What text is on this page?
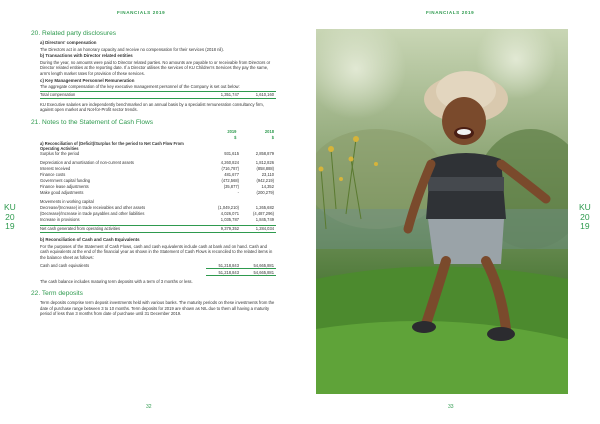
FINANCIALS 2019	FINANCIALS 2019
KU
20
19
KU
20
19
20. Related party disclosures
a) Directors' compensation
The Directors act in an honorary capacity and receive no compensation for their services (2018 nil).
b) Transactions with Director related entities
During the year, no amounts were paid to Director related parties. No amounts are payable to or receivable from Directors or Director related entities at the reporting date. If a Director utilises the services of KU Children's Services they pay the same, arm's length market rates for provision of these services.
c) Key Management Personnel Remuneration
The aggregate compensation of the key executive management personnel of the Company is set out below:
Total compensation	1,351,747	1,610,160
KU Executive salaries are independently benchmarked on an annual basis by a specialist remuneration consultancy firm, against open market and Not-for-Profit sector trends.
21. Notes to the Statement of Cash Flows
	2019	2018
	$	$
a) Reconciliation of (Deficit)/Surplus for the period to Net Cash Flow From Operating Activities		
Surplus for the period	931,615	2,858,879
Depreciation and amortisation of non-current assets	4,260,824	1,812,826
Interest received	(716,787)	(858,888)
Finance costs	481,677	23,110
Government capital funding	(472,568)	(942,219)
Finance lease adjustments	(35,877)	14,352
Make good adjustments	-	(200,279)
Movements in working capital		
Decrease/(Increase) in trade receivables and other assets	(1,049,210)	1,265,682
(Decrease)/Increase in trade payables and other liabilities	4,026,071	(4,487,296)
Increase in provisions	1,035,787	1,845,749
Net cash generated from operating activities	9,379,352	1,284,034
b) Reconciliation of Cash and Cash Equivalents
For the purposes of the Statement of Cash Flows, cash and cash equivalents include cash at bank and on hand. Cash and cash equivalents at the end of the financial year as shown in the Statement of Cash Flows is reconciled to the related items in the balance sheet as follows:
Cash and cash equivalents	51,218,843	54,665,881
	51,218,843	54,665,881
The cash balance includes maturing term deposits with a term of 3 months or less.
22. Term deposits
Term deposits comprise term deposit investments held with various banks. The maturity periods on these investments from the date of purchase range between 3 to 10 months. Term deposits for 2019 are shown as NIL due to them all having a maturity period of less than 3 months from date of purchase until 31 December 2019.
32	33
